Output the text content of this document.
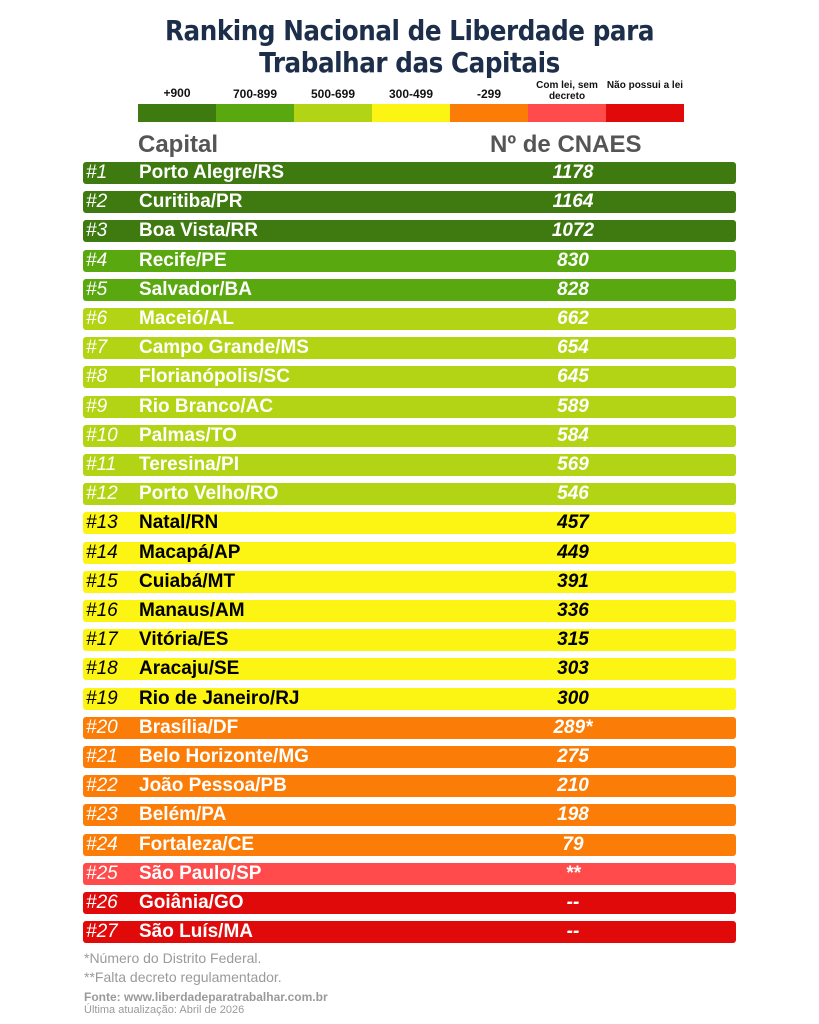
Ranking Nacional de Liberdade para
Trabalhar das Capitais
+900	700-899	500-699	300-499	-299
Com lei, sem decreto
Não possui a lei
Capital	Nº de CNAES
#1 Porto Alegre/RS	1178
#2 Curitiba/PR	1164
#3 Boa Vista/RR	1072
#4 Recife/PE	830
#5 Salvador/BA	828
#6 Maceió/AL	662
#7 Campo Grande/MS	654
#8 Florianópolis/SC	645
#9 Rio Branco/AC	589
#10 Palmas/TO	584
#11 Teresina/PI	569
#12 Porto Velho/RO	546
#13 Natal/RN	457
#14 Macapá/AP	449
#15 Cuiabá/MT	391
#16 Manaus/AM	336
#17 Vitória/ES	315
#18 Aracaju/SE	303
#19 Rio de Janeiro/RJ	300
#20 Brasília/DF	289*
#21 Belo Horizonte/MG	275
#22 João Pessoa/PB	210
#23 Belém/PA	198
#24 Fortaleza/CE	79
#25 São Paulo/SP	**
#26 Goiânia/GO	--
#27 São Luís/MA	--
*Número do Distrito Federal.
**Falta decreto regulamentador.
Fonte: www.liberdadeparatrabalhar.com.br
Última atualização: Abril de 2026
